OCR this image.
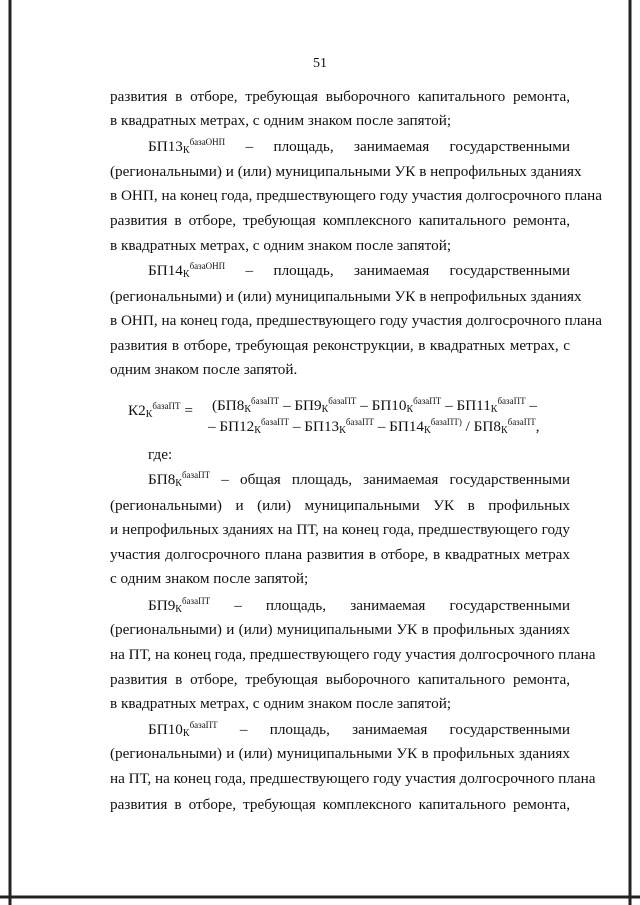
51
развития в отборе, требующая выборочного капитального ремонта,
в квадратных метрах, с одним знаком после запятой;
$БП13_К^{базаОНП}$ – площадь, занимаемая государственными
(региональными) и (или) муниципальными УК в непрофильных зданиях
в ОНП, на конец года, предшествующего году участия долгосрочного плана
развития в отборе, требующая комплексного капитального ремонта,
в квадратных метрах, с одним знаком после запятой;
$БП14_К^{базаОНП}$ – площадь, занимаемая государственными
(региональными) и (или) муниципальными УК в непрофильных зданиях
в ОНП, на конец года, предшествующего году участия долгосрочного плана
развития в отборе, требующая реконструкции, в квадратных метрах, с
одним знаком после запятой.
где:
$БП8_К^{базаПТ}$ – общая площадь, занимаемая государственными
(региональными) и (или) муниципальными УК в профильных
и непрофильных зданиях на ПТ, на конец года, предшествующего году
участия долгосрочного плана развития в отборе, в квадратных метрах
с одним знаком после запятой;
$БП9_К^{базаПТ}$ – площадь, занимаемая государственными
(региональными) и (или) муниципальными УК в профильных зданиях
на ПТ, на конец года, предшествующего году участия долгосрочного плана
развития в отборе, требующая выборочного капитального ремонта,
в квадратных метрах, с одним знаком после запятой;
$БП10_К^{базаПТ}$ – площадь, занимаемая государственными
(региональными) и (или) муниципальными УК в профильных зданиях
на ПТ, на конец года, предшествующего году участия долгосрочного плана
развития в отборе, требующая комплексного капитального ремонта,
$К2_К^{базаПТ} = (БП8_К^{базаПТ} - БП9_К^{базаПТ} - БП10_К^{базаПТ} - БП11_К^{базаПТ}$ –
– $БП12_К^{базаПТ} - БП13_К^{базаПТ} - БП14_К^{базаПТ)} / БП8_К^{базаПТ}$,
